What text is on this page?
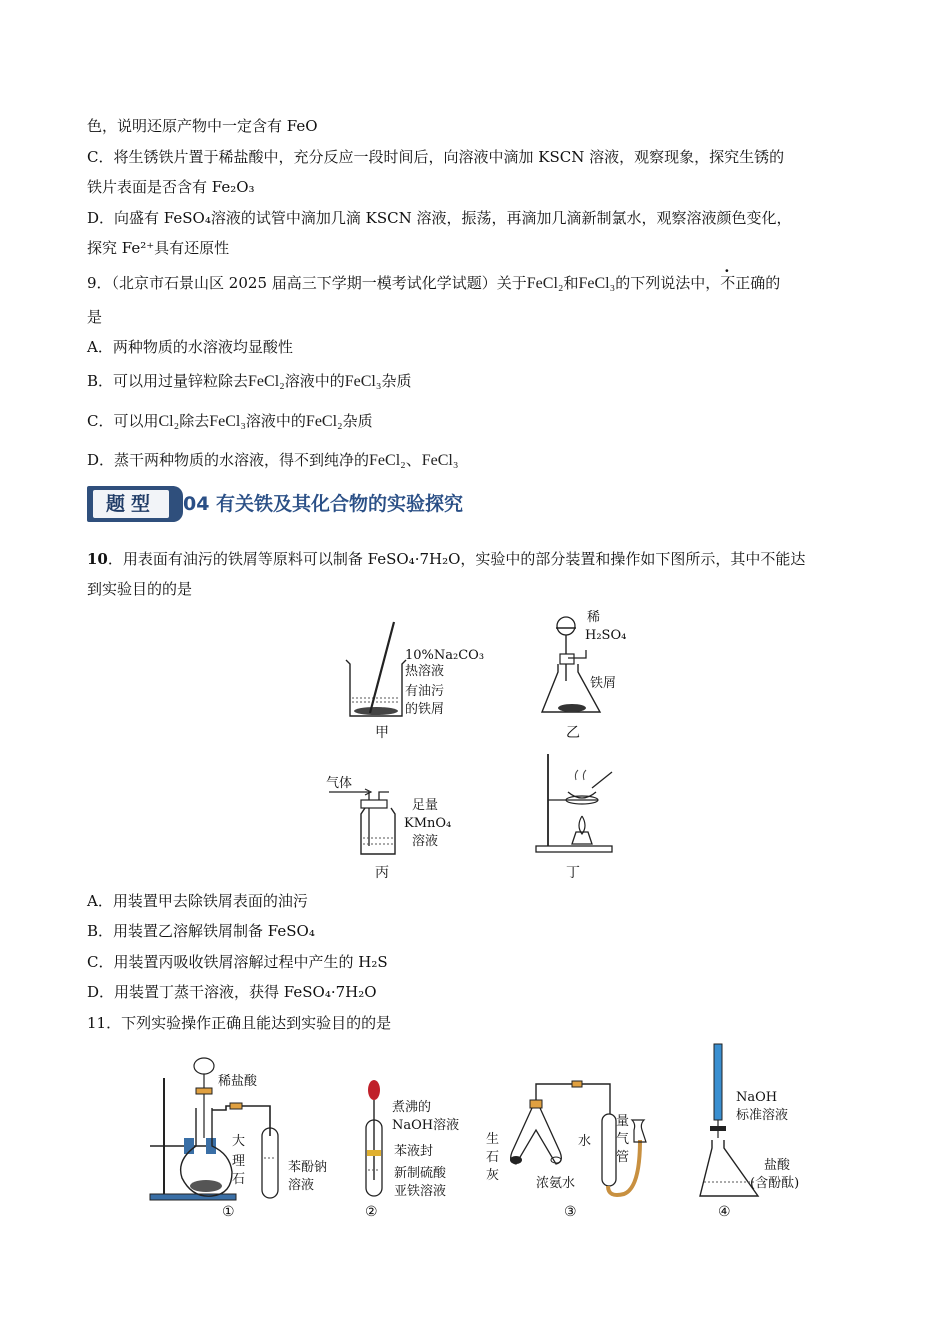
色，说明还原产物中一定含有 FeO
C．将生锈铁片置于稀盐酸中，充分反应一段时间后，向溶液中滴加 KSCN 溶液，观察现象，探究生锈的
铁片表面是否含有 Fe₂O₃
D．向盛有 FeSO₄溶液的试管中滴加几滴 KSCN 溶液，振荡，再滴加几滴新制氯水，观察溶液颜色变化，
探究 Fe²⁺具有还原性
9．（北京市石景山区 2025 届高三下学期一模考试化学试题）关于FeCl₂和FeCl₃的下列说法中，不正确的
是
A．两种物质的水溶液均显酸性
B．可以用过量锌粒除去FeCl₂溶液中的FeCl₃杂质
C．可以用Cl₂除去FeCl₃溶液中的FeCl₂杂质
D．蒸干两种物质的水溶液，得不到纯净的FeCl₂、FeCl₃
题型	04 有关铁及其化合物的实验探究
10．用表面有油污的铁屑等原料可以制备 FeSO₄·7H₂O，实验中的部分装置和操作如下图所示，其中不能达
到实验目的的是
10%Na₂CO₃
热溶液
有油污
的铁屑
甲
稀
H₂SO₄
铁屑
乙
气体
足量
KMnO₄
溶液
丙	丁
A．用装置甲去除铁屑表面的油污
B．用装置乙溶解铁屑制备 FeSO₄
C．用装置丙吸收铁屑溶解过程中产生的 H₂S
D．用装置丁蒸干溶液，获得 FeSO₄·7H₂O
11．下列实验操作正确且能达到实验目的的是
稀盐酸
大
理
石
苯酚钠
溶液
①
煮沸的
NaOH溶液
苯液封
新制硫酸
亚铁溶液
②
生
石
灰
水
量
气
管
浓氨水
③
NaOH
标准溶液
盐酸
(含酚酞)
④
